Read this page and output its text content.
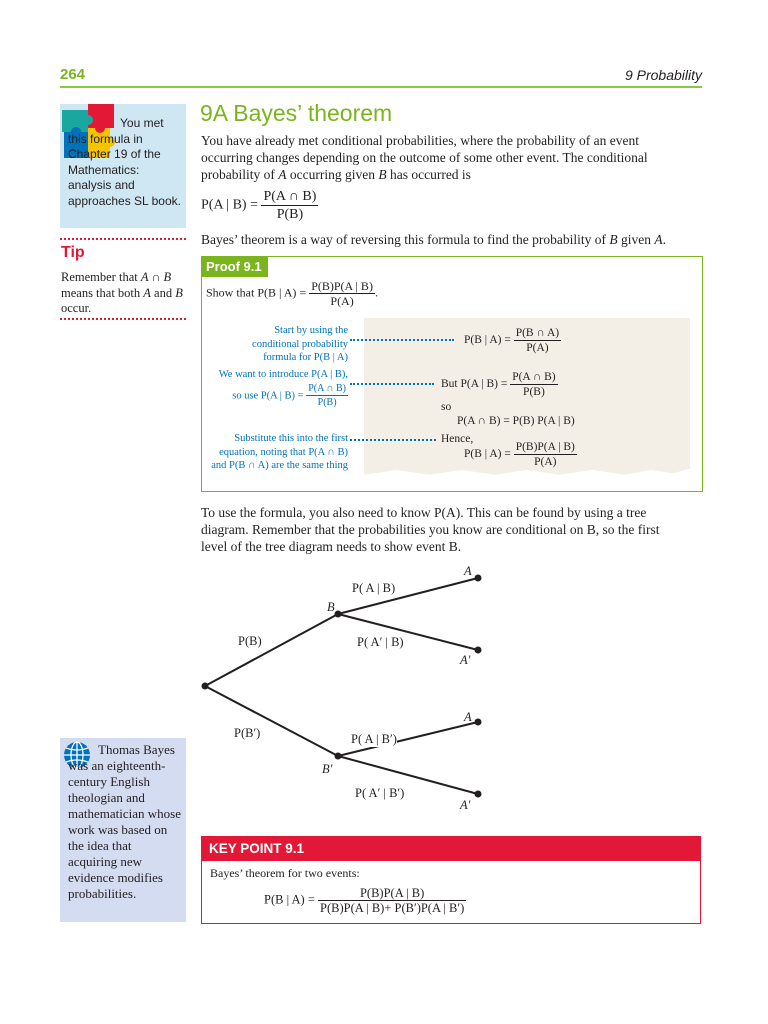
264	9 Probability
You met this formula in Chapter 19 of the Mathematics: analysis and approaches SL book.
Tip
Remember that A ∩ B means that both A and B occur.
9A Bayes’ theorem
You have already met conditional probabilities, where the probability of an event
occurring changes depending on the outcome of some other event. The conditional
probability of A occurring given B has occurred is
P(A | $B) = \frac{P(A \cap B)}{P(B)}$
Bayes’ theorem is a way of reversing this formula to find the probability of B given A.
Proof 9.1
Show that P(B | $A) = \frac{P(B)P(A | B)}{P(A)}$ .
Start by using the conditional probability formula for P(B | A)
We want to introduce P(A | B),
so use P(A | $B) = \frac{P(A \cap B)}{P(B)}$
Substitute this into the first equation, noting that P(A ∩ B) and P(B ∩ A) are the same thing
P(B | $A) = \frac{P(B \cap A)}{P(A)}$
But P(A | $B) = \frac{P(A \cap B)}{P(B)}$
so
P(A ∩ B) = P(B) P(A | B)
Hence,
P(B | $A) = \frac{P(B)P(A | B)}{P(A)}$
To use the formula, you also need to know P(A). This can be found by using a tree
diagram. Remember that the probabilities you know are conditional on B, so the first
level of the tree diagram needs to show event B.
P(B)
P(B′)
B
B′
P( A | B)
P( A′ | B)
P( A | B′)
P( A′ | B′)
A
A′
A
A′
Thomas Bayes was an eighteenth-century English theologian and mathematician whose work was based on the idea that acquiring new evidence modifies probabilities.
KEY POINT 9.1
Bayes’ theorem for two events:
P(B | $A) = \frac{P(B)P(A | B)}{P(B)P(A | B)+ P(B')P(A | B')}$
